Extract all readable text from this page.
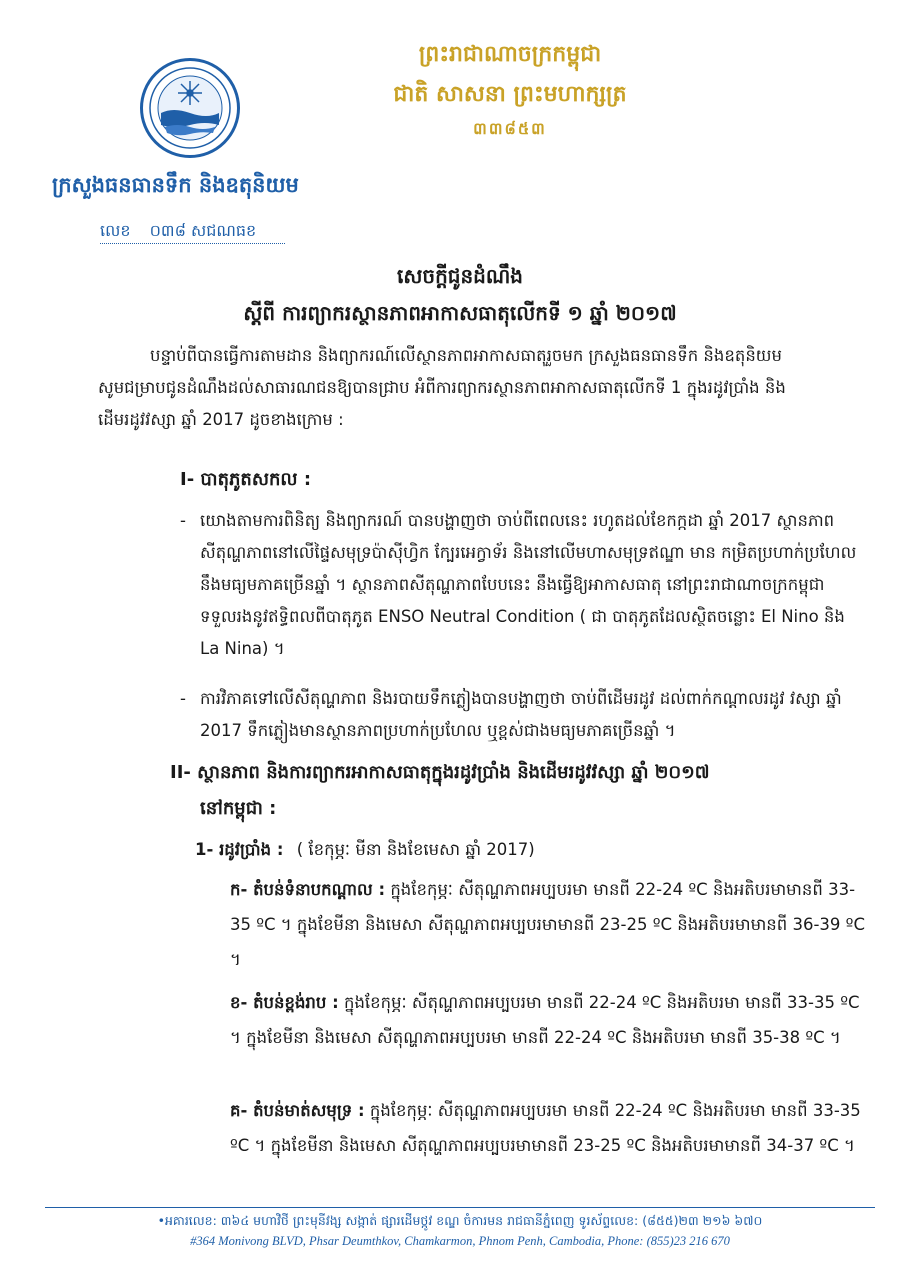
ព្រះរាជាណាចក្រកម្ពុជា
ជាតិ សាសនា ព្រះមហាក្សត្រ
៣៣៨៥៣
ក្រសួងធនធានទឹក និងឧតុនិយម
លេខ ០៣៨ សជណធខ
សេចក្តីជូនដំណឹង
ស្តីពី ការព្យាករស្ថានភាពអាកាសធាតុលើកទី ១ ឆ្នាំ ២០១៧
បន្ទាប់ពីបានធ្វើការតាមដាន និងព្យាករណ៍លើស្ថានភាពអាកាសធាតុរួចមក ក្រសួងធនធានទឹក និងឧតុនិយម សូមជម្រាបជូនដំណឹងដល់សាធារណជនឱ្យបានជ្រាប អំពីការព្យាករស្ថានភាពអាកាសធាតុលើកទី 1 ក្នុងរដូវប្រាំង និង ដើមរដូវវស្សា ឆ្នាំ 2017 ដូចខាងក្រោម :
I- បាតុភូតសកល :
- យោងតាមការពិនិត្យ និងព្យាករណ៍ បានបង្ហាញថា ចាប់ពីពេលនេះ រហូតដល់ខែកក្កដា ឆ្នាំ 2017 ស្ថានភាពសីតុណ្ហភាពនៅលើផ្ទៃសមុទ្រប៉ាស៊ីហ្វិក ក្បែរអេក្វាទ័រ និងនៅលើមហាសមុទ្រឥណ្ឌា មាន កម្រិតប្រហាក់ប្រហែលនឹងមធ្យមភាគច្រើនឆ្នាំ ។ ស្ថានភាពសីតុណ្ហភាពបែបនេះ នឹងធ្វើឱ្យអាកាសធាតុ នៅព្រះរាជាណាចក្រកម្ពុជា ទទួលរងនូវឥទ្ធិពលពីបាតុភូត ENSO Neutral Condition ( ជា បាតុភូតដែលស្ថិតចន្លោះ El Nino និង La Nina) ។
- ការវិភាគទៅលើសីតុណ្ហភាព និងរបាយទឹកភ្លៀងបានបង្ហាញថា ចាប់ពីដើមរដូវ ដល់ពាក់កណ្តាលរដូវ វស្សា ឆ្នាំ 2017 ទឹកភ្លៀងមានស្ថានភាពប្រហាក់ប្រហែល ឬខ្ពស់ជាងមធ្យមភាគច្រើនឆ្នាំ ។
II- ស្ថានភាព និងការព្យាករអាកាសធាតុក្នុងរដូវប្រាំង និងដើមរដូវវស្សា ឆ្នាំ ២០១៧
នៅកម្ពុជា :
1- រដូវប្រាំង : ( ខែកុម្ភៈ មីនា និងខែមេសា ឆ្នាំ 2017)
ក- តំបន់ទំនាបកណ្តាល : ក្នុងខែកុម្ភៈ សីតុណ្ហភាពអប្បបរមា មានពី 22-24 ºC និងអតិបរមាមានពី 33-35 ºC ។ ក្នុងខែមីនា និងមេសា សីតុណ្ហភាពអប្បបរមាមានពី 23-25 ºC និងអតិបរមាមានពី 36-39 ºC ។
ខ- តំបន់ខ្ពង់រាប : ក្នុងខែកុម្ភៈ សីតុណ្ហភាពអប្បបរមា មានពី 22-24 ºC និងអតិបរមា មានពី 33-35 ºC ។ ក្នុងខែមីនា និងមេសា សីតុណ្ហភាពអប្បបរមា មានពី 22-24 ºC និងអតិបរមា មានពី 35-38 ºC ។
គ- តំបន់មាត់សមុទ្រ : ក្នុងខែកុម្ភៈ សីតុណ្ហភាពអប្បបរមា មានពី 22-24 ºC និងអតិបរមា មានពី 33-35 ºC ។ ក្នុងខែមីនា និងមេសា សីតុណ្ហភាពអប្បបរមាមានពី 23-25 ºC និងអតិបរមាមានពី 34-37 ºC ។
•អគារលេខ: ៣៦៤ មហាវិថី ព្រះមុនីវង្ស សង្កាត់ ផ្សារដើមថ្កូវ ខណ្ឌ ចំការមន រាជធានីភ្នំពេញ ទូរស័ព្ទលេខ: (៨៥៥)២៣ ២១៦ ៦៧០
#364 Monivong BLVD, Phsar Deumthkov, Chamkarmon, Phnom Penh, Cambodia, Phone: (855)23 216 670
